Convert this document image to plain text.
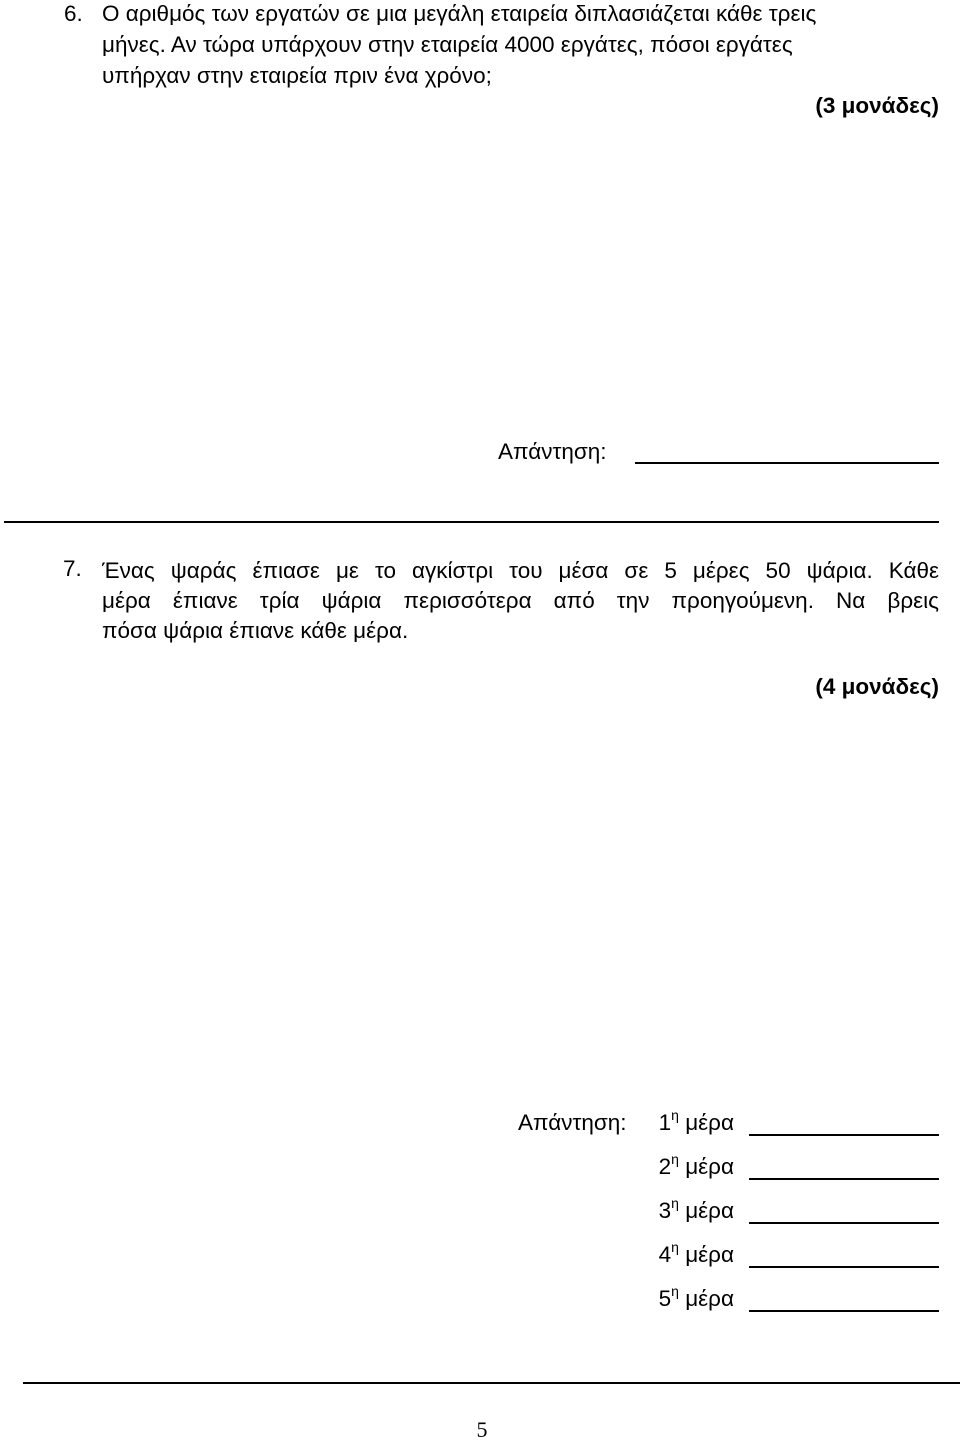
6. Ο αριθμός των εργατών σε μια μεγάλη εταιρεία διπλασιάζεται κάθε τρεις
μήνες. Αν τώρα υπάρχουν στην εταιρεία 4000 εργάτες, πόσοι εργάτες
υπήρχαν στην εταιρεία πριν ένα χρόνο;
(3 μονάδες)
Απάντηση:
7. Ένας ψαράς έπιασε με το αγκίστρι του μέσα σε 5 μέρες 50 ψάρια. Κάθε
μέρα έπιανε τρία ψάρια περισσότερα από την προηγούμενη. Να βρεις
πόσα ψάρια έπιανε κάθε μέρα.
(4 μονάδες)
Απάντηση: $1^\eta$ μέρα
$2^\eta$ μέρα
$3^\eta$ μέρα
$4^\eta$ μέρα
$5^\eta$ μέρα
5
